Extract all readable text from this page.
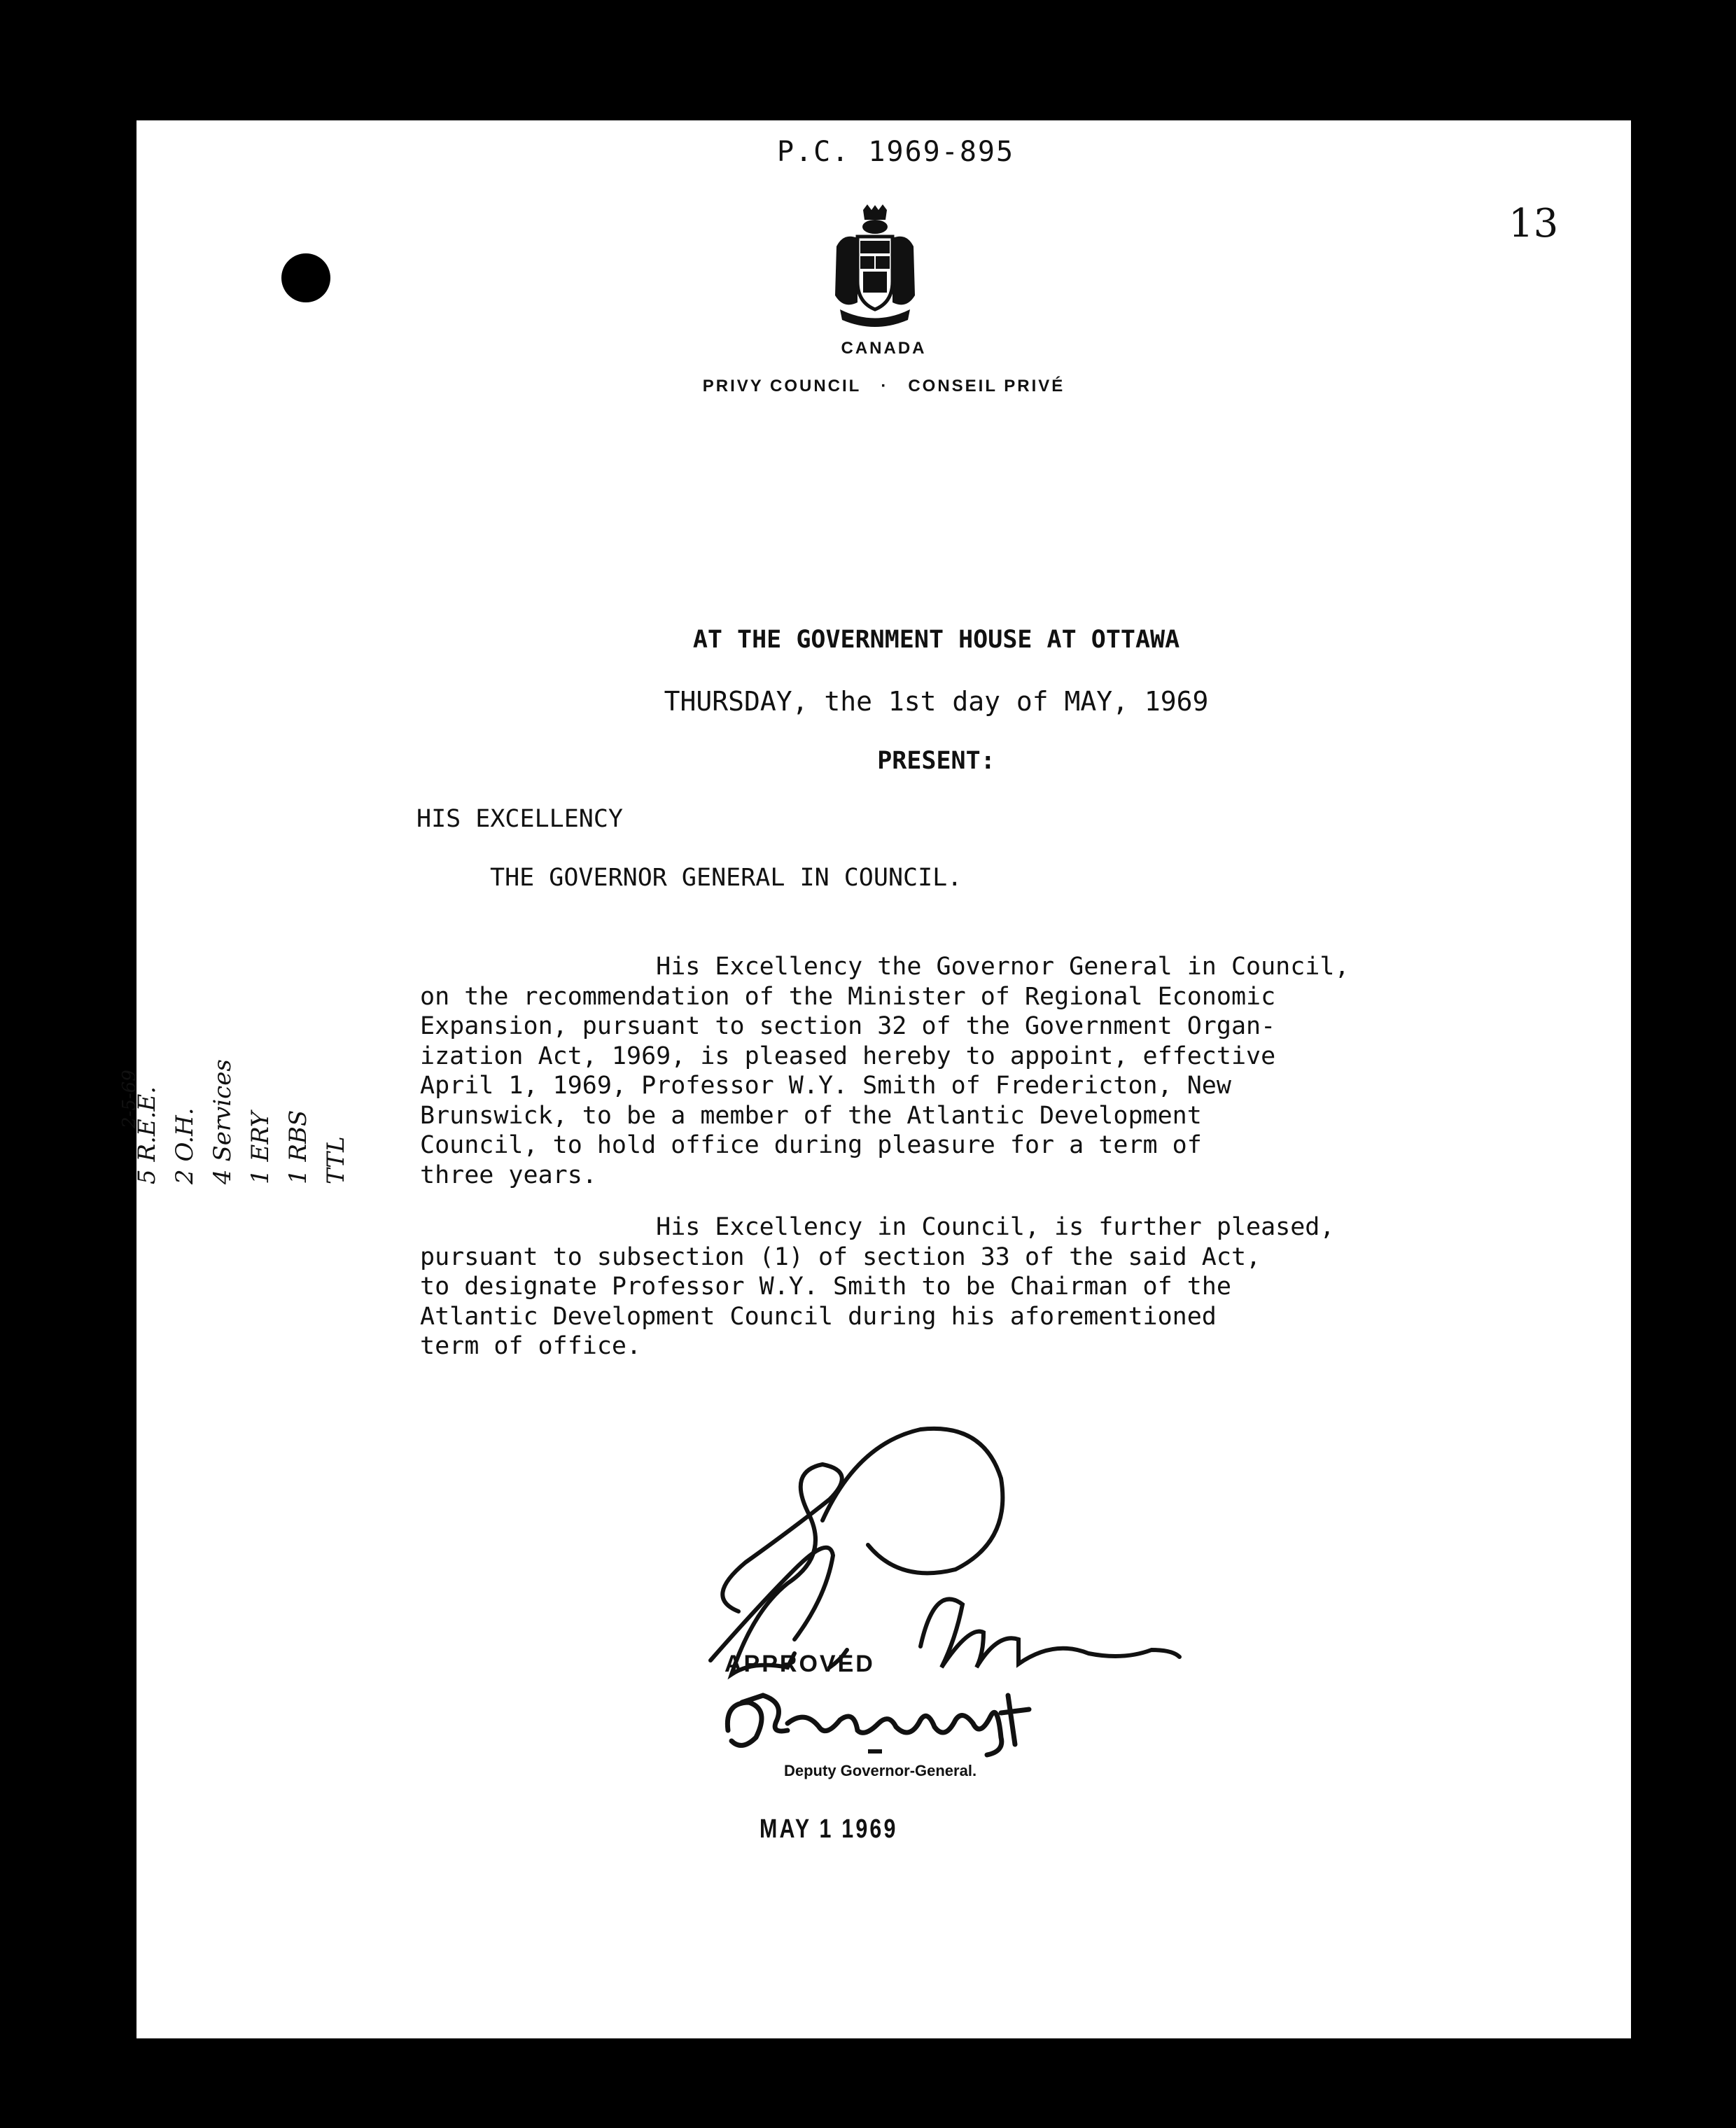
P.C. 1969-895
13
CANADA
PRIVY COUNCIL · CONSEIL PRIVÉ
AT THE GOVERNMENT HOUSE AT OTTAWA
THURSDAY, the 1st day of MAY, 1969
PRESENT:
HIS EXCELLENCY
THE GOVERNOR GENERAL IN COUNCIL.
His Excellency the Governor General in Council,
on the recommendation of the Minister of Regional Economic
Expansion, pursuant to section 32 of the Government Organ-
ization Act, 1969, is pleased hereby to appoint, effective
April 1, 1969, Professor W.Y. Smith of Fredericton, New
Brunswick, to be a member of the Atlantic Development
Council, to hold office during pleasure for a term of
three years.
His Excellency in Council, is further pleased,
pursuant to subsection (1) of section 33 of the said Act,
to designate Professor W.Y. Smith to be Chairman of the
Atlantic Development Council during his aforementioned
term of office.
2-5-69
5 R.E.E. 2 O.H. 4 Services 1 ERY 1 RBS TTL
APPROVED
Deputy Governor-General.
MAY 1 1969
